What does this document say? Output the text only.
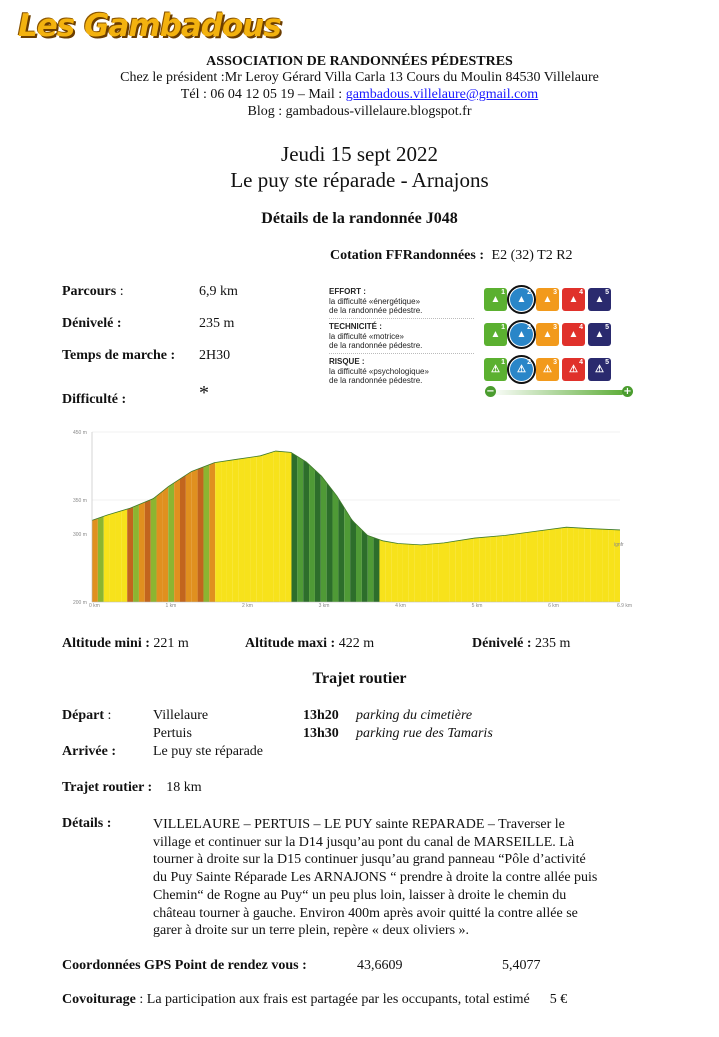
Les Gambadous
ASSOCIATION DE RANDONNÉES PÉDESTRES
Chez le président :Mr Leroy Gérard Villa Carla 13 Cours du Moulin 84530 Villelaure
Tél : 06 04 12 05 19 – Mail : gambadous.villelaure@gmail.com
Blog : gambadous-villelaure.blogspot.fr
Jeudi 15 sept 2022
Le puy ste réparade - Arnajons
Détails de la randonnée J048
Cotation FFRandonnées : E2 (32) T2 R2
EFFORT :
la difficulté «énergétique»
de la randonnée pédestre.
▲
$^1$
▲
$^2$
▲
$^3$
▲
$^4$
▲
$^5$
TECHNICITÉ :
la difficulté «motrice»
de la randonnée pédestre.
▲
$^1$
▲
$^2$
▲
$^3$
▲
$^4$
▲
$^5$
RISQUE :
la difficulté «psychologique»
de la randonnée pédestre.
⚠
$^1$
⚠
$^2$
⚠
$^3$
⚠
$^4$
⚠
$^5$
−	+
Parcours :	6,9 km
Dénivelé :	235 m
Temps de marche : 2H30
Difficulté :	*
450 m
350 m
300 m
200 m 0 km	1 km	2 km	3 km	4 km	5 km	6 km	6.9 km
ignfr
Altitude mini : 221 m	Altitude maxi : 422 m	Dénivelé : 235 m
Trajet routier
Départ :	Villelaure	13h20 parking du cimetière
Pertuis	13h30 parking rue des Tamaris
Arrivée :	Le puy ste réparade
Trajet routier : 18 km
Détails :	VILLELAURE – PERTUIS – LE PUY sainte REPARADE – Traverser le
village et continuer sur la D14 jusqu’au pont du canal de MARSEILLE. Là
tourner à droite sur la D15 continuer jusqu’au grand panneau “Pôle d’activité
du Puy Sainte Réparade Les ARNAJONS “ prendre à droite la contre allée puis
Chemin“ de Rogne au Puy“ un peu plus loin, laisser à droite le chemin du
château tourner à gauche. Environ 400m après avoir quitté la contre allée se
garer à droite sur un terre plein, repère « deux oliviers ».
Coordonnées GPS Point de rendez vous :	43,6609	5,4077
Covoiturage : La participation aux frais est partagée par les occupants, total estimé 5 €
